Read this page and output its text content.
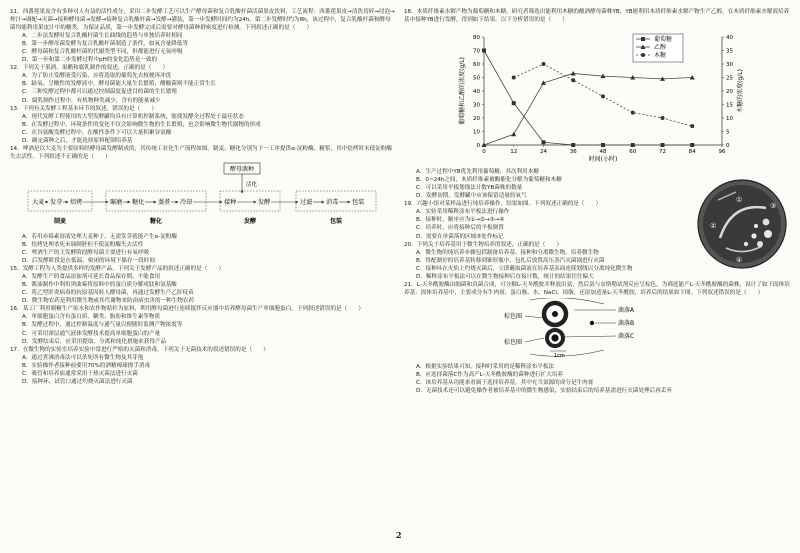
11．西番莲果皮含有多种对人有益的活性成分，采用二步发酵工艺可以生产酵母菌和复合乳酸杆菌活菌果皮饮料，工艺流程：西番莲果皮→清洗切碎→浸泡→榨汁→调配→灭菌→接种酵母菌→发酵→接种复合乳酸杆菌→发酵→灌装，第一步发酵时间约为24h，第二步发酵时约为8h，该过程中，复合乳酸杆菌和酵母菌均能利用果皮汁中的糖类，为保证品质，第一步发酵完成后需要对酵母菌种群密度进行检测。下列叙述正确的是（　　）

A．二步法发酵时复合乳酸杆菌生长曲线的趋势与单独培养时相同

B．第一步酵母菌发酵为复合乳酸杆菌制造了条件，如氧含量降低等

C．酵母菌和复合乳酸杆菌的代谢类型不同，但都能进行无氧呼吸

D．第一步和第二步发酵过程中pH的变化趋势是一致的

12．下列关于果酒、果醋和腐乳制作的叙述，正确的是（　　）

A．为了防止发酵液受污染，应将选取的葡萄先去枝梗再冲洗

B．缺氧、呈酸性的发酵液中，酵母菌能大量生长繁殖，醋酸菌则不能正常生长

C．三种发酵过程中都可以通过控制温度促进目的菌的生长繁殖

D．腐乳制作过程中，有机物种类减少，含有的能量减少

13．下列有关发酵工程基本环节的叙述，错误的是（　　）

A．现代发酵工程使用的大型发酵罐均具有计算机控制系统，能使发酵全过程处于最佳状态

B．在发酵过程中，环境条件的变化不仅会影响微生物的生长繁殖，也会影响微生物代谢物的形成

C．在谷氨酸发酵过程中，在酸性条件下可以大量积累谷氨酸

D．确定菌种之后，才能选择原料配制培养基

14．啤酒是以大麦为主要原料经酵母菌发酵制成的，其传统工业化生产流程如图。制麦、糖化分别为下一工序提供α-淀粉酶、糖浆，其中焙烤时未使淀粉酶失去活性。下列叙述不正确的是（　　）

酵母菌种
活化
大麦 发芽 焙烤	碾磨 糖化 蒸煮 冷却	接种	发酵	过滤 消毒 包装
制麦	糖化	发酵	包装

A．若用赤霉素溶液处理大麦种子，无需发芽就能产生α-淀粉酶

B．焙烤处理杀死未调制胚但不使淀粉酶失去活性

C．啤酒生产的主发酵阶段酵母菌主要进行有氧呼吸

D．后发酵阶段是在低温、密闭的环境下储存一段时间

15．发酵工程为人类提供多样的发酵产品，下列关于发酵产品的叙述正确的是（　　）

A．发酵生产的食品添加剂可延长食品保存期，不能食用

B．酱油制作中利用黑曲霉将原料中的蛋白质分解成肽和氨基酸

C．将乙型肝炎病毒的抗原基因转入酵母菌，再通过发酵生产乙肝疫苗

D．微生物农药是利用微生物或其代谢物来防治病虫害的一种生物农药

16．某工厂利用制糖生产废水和农作物秸秆为原料，利用酵母菌进行连续搅拌反应器中培养酵母菌生产单细胞蛋白，下列叙述错误的是（　　）

A．单细胞蛋白含有蛋白质、糖类、脂肪和维生素等物质

B．发酵过程中，通过控制温度与通气量以便随时监测产物浓度等

C．可采用深层通气液体发酵技术提高单细胞蛋白的产量

D．发酵结束后，应采用提取、分离和纯化措施来获得产品

17．在微生物的实验室培养实验中常进行严格的灭菌和消毒，下列关于无菌技术的叙述错误的是（　　）

A．通过煮沸消毒法可以杀死所有微生物及其芽孢

B．实验操作者接种前要用70%的酒精棉球擦手消毒

C．吸管和培养皿通常采用干热灭菌法进行灭菌

D．接种环、试管口通过灼烧灭菌法进行灭菌

18．木质纤维素水解产物为葡萄糖和木糖。研究者筛选出能利用木糖的酿酒酵母菌株YB，YB能利用木质纤维素水解产物生产乙醇，在木质纤维素水解液培养基中接种YB进行发酵，得到如下结果。以下分析错误的是（　　）

0
10
20
30
40
50
60
70
80
0
5
10
15
20
25
30
35
40
0	12	24	36	48	60	72	84	96
时间(小时)
葡萄糖和乙醇的浓度(g/L)	木糖的浓度(g/L)
葡萄糖
乙醇
木糖

A．生产过程中YB优先利用葡萄糖，其次利用木糖

B．0~24h之间，木质纤维素被酶催化分解为葡萄糖和木糖

C．可以采用平板划线法计数YB菌株的数量

D．发酵初期，发酵罐中应该保留适量的氧气

19．兴趣小组对某样品进行纯培养操作，结果如图。下列叙述正确的是（　　）

A．实验采用稀释涂布平板法进行操作

B．接种时，顺序应为①→②→③→④

C．培养时，应将接种后的平板倒置

D．需要在单菌落的区域⑤处作标记

①
②
③
④

20．下列关于培养基用于微生物培养的叙述，正确的是（　　）

A．微生物的纯培养步骤包括制备培养基、接种和分离微生物、培养微生物

B．得配制好的培养基转移到锥形瓶中，包扎后放置高压蒸汽灭菌锅进行灭菌

C．接种环在火焰上灼烧灭菌后，立即蘸取菌液在培养基表面连续划线以分离纯化微生物

D．稀释涂布平板法可以在微生物接种后直接计数，统计的结果往往偏大

21．L-天冬酰胺酶由细菌和真菌合成，可分解L-天冬酰胺并释放出氨，然后氨与奈斯勒试剂反应呈棕色。为筛选能产L-天冬酰胺酶的菌株，设计了如下固体培养基：固体培养基中，主要成分有牛肉膏、蛋白胨、水、NaCl、琼脂，还添加适量L-天冬酰胺，培养后的结果如下图。下列叙述错误的是（　　）

棕色圈
棕色圈
菌落A
菌落B
菌落C
1cm

A．根据实验结果可知，接种时采用的是稀释涂布平板法

B．应选择菌落C作为高产L-天冬酰胺酶的菌种进行扩大培养

C．该培养基从功能来看属于选择培养基，其中充当氮源的成分是牛肉膏

D．无菌技术还可以避免操作者被培养基中的微生物感染，实验结束后的培养基需进行灭菌处理后再丢弃

2
